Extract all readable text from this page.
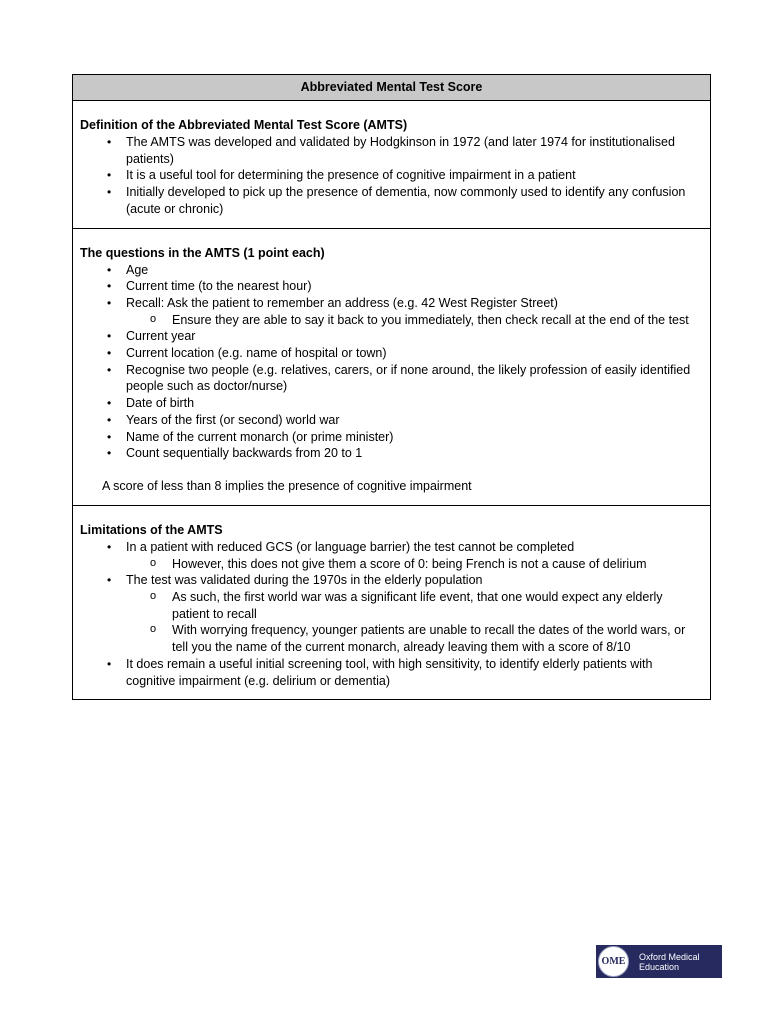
Abbreviated Mental Test Score
Definition of the Abbreviated Mental Test Score (AMTS)
• The AMTS was developed and validated by Hodgkinson in 1972 (and later 1974 for institutionalised patients)
• It is a useful tool for determining the presence of cognitive impairment in a patient
• Initially developed to pick up the presence of dementia, now commonly used to identify any confusion (acute or chronic)
The questions in the AMTS (1 point each)
• Age
• Current time (to the nearest hour)
• Recall: Ask the patient to remember an address (e.g. 42 West Register Street)
o Ensure they are able to say it back to you immediately, then check recall at the end of the test
• Current year
• Current location (e.g. name of hospital or town)
• Recognise two people (e.g. relatives, carers, or if none around, the likely profession of easily identified people such as doctor/nurse)
• Date of birth
• Years of the first (or second) world war
• Name of the current monarch (or prime minister)
• Count sequentially backwards from 20 to 1
A score of less than 8 implies the presence of cognitive impairment
Limitations of the AMTS
• In a patient with reduced GCS (or language barrier) the test cannot be completed
o However, this does not give them a score of 0: being French is not a cause of delirium
• The test was validated during the 1970s in the elderly population
o As such, the first world war was a significant life event, that one would expect any elderly patient to recall
o With worrying frequency, younger patients are unable to recall the dates of the world wars, or tell you the name of the current monarch, already leaving them with a score of 8/10
• It does remain a useful initial screening tool, with high sensitivity, to identify elderly patients with cognitive impairment (e.g. delirium or dementia)
OME	Oxford Medical
Education
